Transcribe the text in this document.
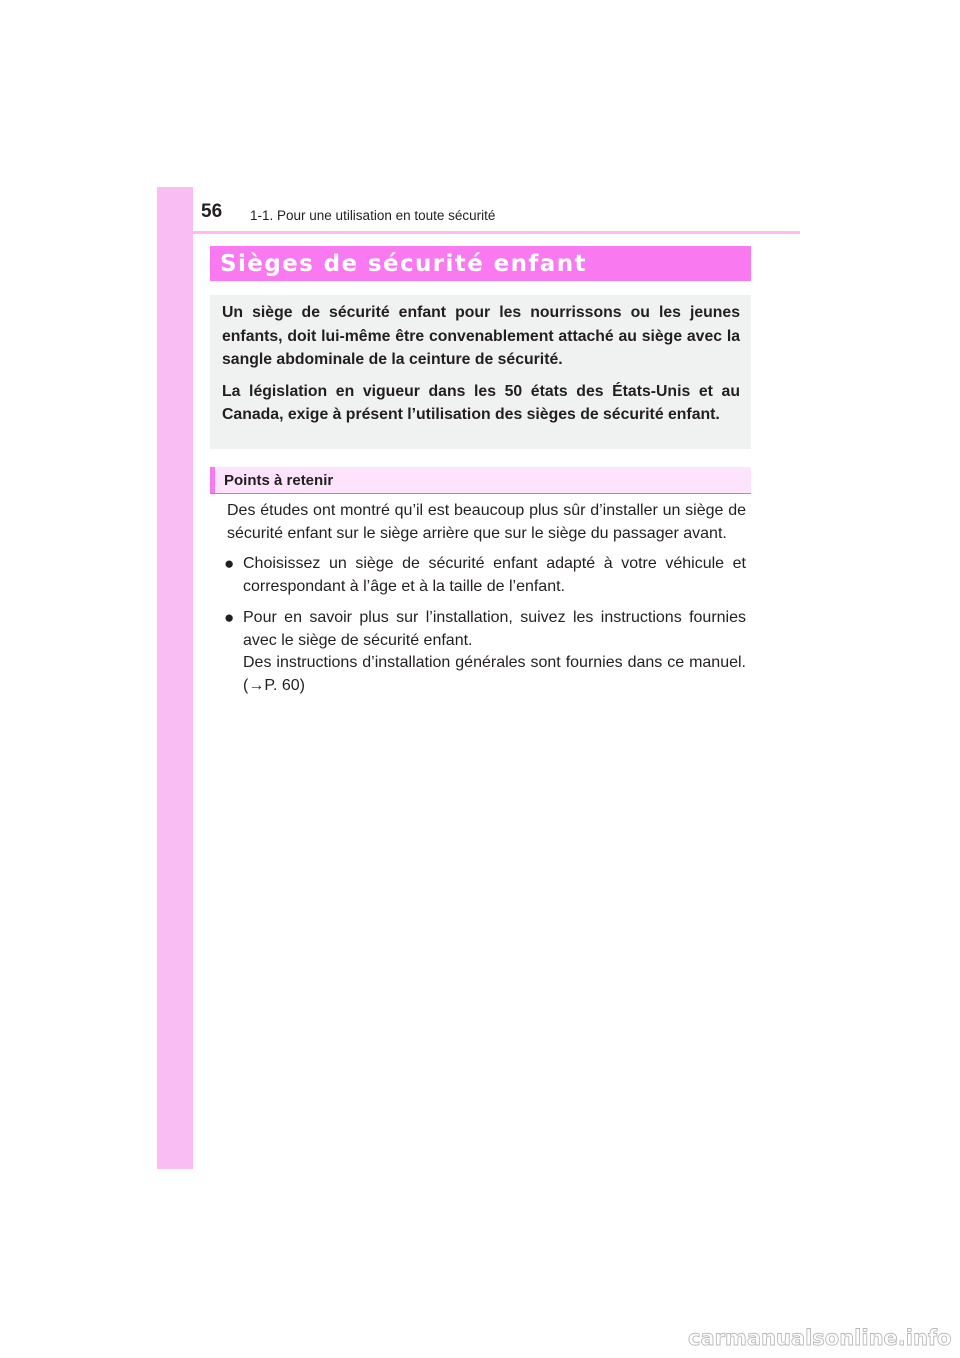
56 1-1. Pour une utilisation en toute sécurité
Sièges de sécurité enfant

Un siège de sécurité enfant pour les nourrissons ou les jeunes enfants, doit lui-même être convenablement attaché au siège avec la sangle abdominale de la ceinture de sécurité.

La législation en vigueur dans les 50 états des États-Unis et au Canada, exige à présent l’utilisation des sièges de sécurité enfant.

Points à retenir

Des études ont montré qu’il est beaucoup plus sûr d’installer un siège de sécurité enfant sur le siège arrière que sur le siège du passager avant.

● Choisissez un siège de sécurité enfant adapté à votre véhicule et correspondant à l’âge et à la taille de l’enfant.

● Pour en savoir plus sur l’installation, suivez les instructions fournies avec le siège de sécurité enfant.

Des instructions d’installation générales sont fournies dans ce manuel. (→P. 60)

carmanualsonline.info
